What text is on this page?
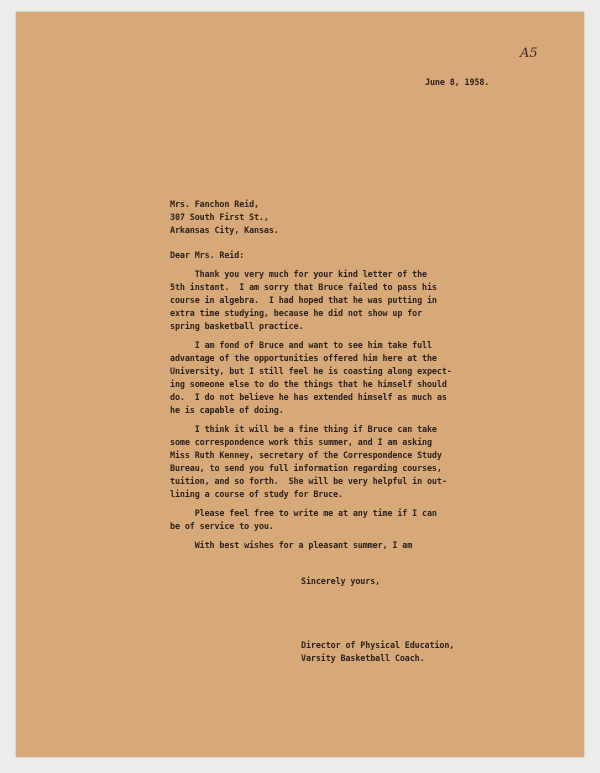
A5
June 8, 1958.
Mrs. Fanchon Reid,
307 South First St.,
Arkansas City, Kansas.
Dear Mrs. Reid:
Thank you very much for your kind letter of the
5th instant.  I am sorry that Bruce failed to pass his
course in algebra.  I had hoped that he was putting in
extra time studying, because he did not show up for
spring basketball practice.
I am fond of Bruce and want to see him take full
advantage of the opportunities offered him here at the
University, but I still feel he is coasting along expect-
ing someone else to do the things that he himself should
do.  I do not believe he has extended himself as much as
he is capable of doing.
I think it will be a fine thing if Bruce can take
some correspondence work this summer, and I am asking
Miss Ruth Kenney, secretary of the Correspondence Study
Bureau, to send you full information regarding courses,
tuition, and so forth.  She will be very helpful in out-
lining a course of study for Bruce.
Please feel free to write me at any time if I can
be of service to you.
With best wishes for a pleasant summer, I am
Sincerely yours,
Director of Physical Education,
Varsity Basketball Coach.
